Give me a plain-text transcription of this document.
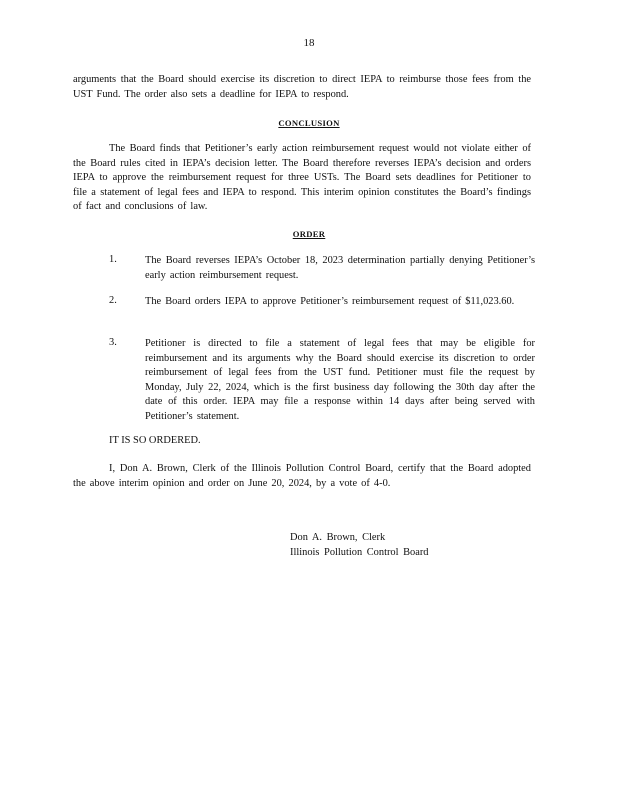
18
arguments that the Board should exercise its discretion to direct IEPA to reimburse those fees from the UST Fund. The order also sets a deadline for IEPA to respond.
CONCLUSION
The Board finds that Petitioner’s early action reimbursement request would not violate either of the Board rules cited in IEPA’s decision letter. The Board therefore reverses IEPA’s decision and orders IEPA to approve the reimbursement request for three USTs. The Board sets deadlines for Petitioner to file a statement of legal fees and IEPA to respond. This interim opinion constitutes the Board’s findings of fact and conclusions of law.
ORDER
1.	The Board reverses IEPA’s October 18, 2023 determination partially denying Petitioner’s early action reimbursement request.
2.	The Board orders IEPA to approve Petitioner’s reimbursement request of $11,023.60.
3.	Petitioner is directed to file a statement of legal fees that may be eligible for reimbursement and its arguments why the Board should exercise its discretion to order reimbursement of legal fees from the UST fund. Petitioner must file the request by Monday, July 22, 2024, which is the first business day following the 30th day after the date of this order. IEPA may file a response within 14 days after being served with Petitioner’s statement.
IT IS SO ORDERED.
I, Don A. Brown, Clerk of the Illinois Pollution Control Board, certify that the Board adopted the above interim opinion and order on June 20, 2024, by a vote of 4-0.
Don A. Brown, Clerk
Illinois Pollution Control Board
